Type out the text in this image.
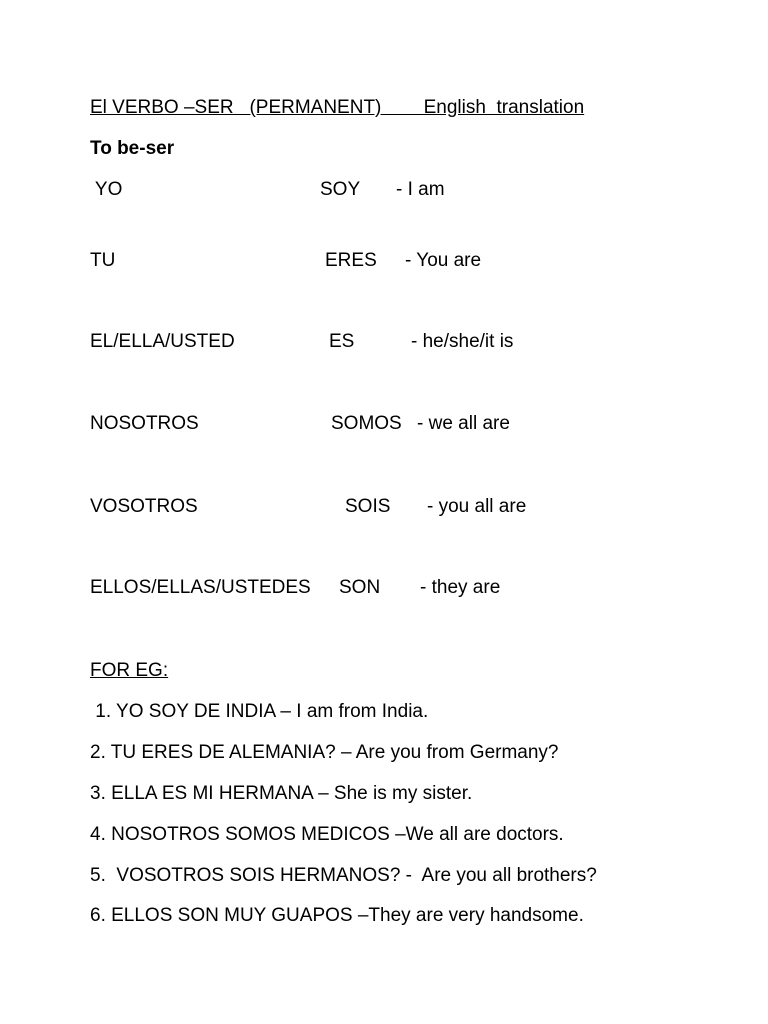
El VERBO –SER   (PERMANENT)        English  translation
To be-ser
YO	SOY - I am
TU	ERES - You are
EL/ELLA/USTED	ES	- he/she/it is
NOSOTROS	SOMOS - we all are
VOSOTROS	SOIS - you all are
ELLOS/ELLAS/USTEDES SON - they are
FOR EG:
1. YO SOY DE INDIA – I am from India.
2. TU ERES DE ALEMANIA? – Are you from Germany?
3. ELLA ES MI HERMANA – She is my sister.
4. NOSOTROS SOMOS MEDICOS –We all are doctors.
5.  VOSOTROS SOIS HERMANOS? -  Are you all brothers?
6. ELLOS SON MUY GUAPOS –They are very handsome.
